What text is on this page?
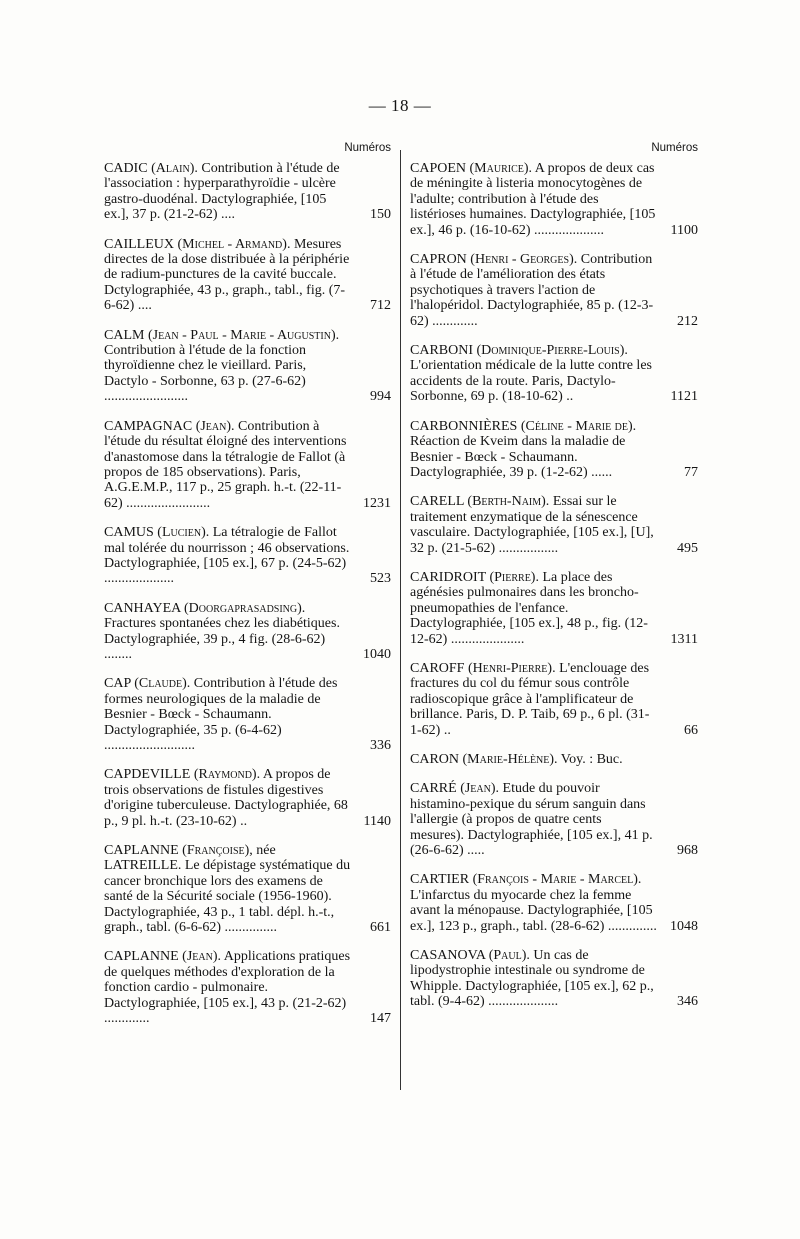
— 18 —
Numéros
CADIC (Alain). Contribution à l'étude de l'association : hyperparathyroïdie - ulcère gastro-duodénal. Dactylographiée, [105 ex.], 37 p. (21-2-62) ....	150
CAILLEUX (Michel - Armand). Mesures directes de la dose distribuée à la périphérie de radium-punctures de la cavité buccale. Dctylographiée, 43 p., graph., tabl., fig. (7-6-62) ....	712
CALM (Jean - Paul - Marie - Augustin). Contribution à l'étude de la fonction thyroïdienne chez le vieillard. Paris, Dactylo - Sorbonne, 63 p. (27-6-62) ........................	994
CAMPAGNAC (Jean). Contribution à l'étude du résultat éloigné des interventions d'anastomose dans la tétralogie de Fallot (à propos de 185 observations). Paris, A.G.E.M.P., 117 p., 25 graph. h.-t. (22-11-62) ........................	1231
CAMUS (Lucien). La tétralogie de Fallot mal tolérée du nourrisson ; 46 observations. Dactylographiée, [105 ex.], 67 p. (24-5-62) ....................	523
CANHAYEA (Doorgaprasadsing). Fractures spontanées chez les diabétiques. Dactylographiée, 39 p., 4 fig. (28-6-62) ........	1040
CAP (Claude). Contribution à l'étude des formes neurologiques de la maladie de Besnier - Bœck - Schaumann. Dactylographiée, 35 p. (6-4-62) ..........................	336
CAPDEVILLE (Raymond). A propos de trois observations de fistules digestives d'origine tuberculeuse. Dactylographiée, 68 p., 9 pl. h.-t. (23-10-62) ..	1140
CAPLANNE (Françoise), née LATREILLE. Le dépistage systématique du cancer bronchique lors des examens de santé de la Sécurité sociale (1956-1960). Dactylographiée, 43 p., 1 tabl. dépl. h.-t., graph., tabl. (6-6-62) ...............	661
CAPLANNE (Jean). Applications pratiques de quelques méthodes d'exploration de la fonction cardio - pulmonaire. Dactylographiée, [105 ex.], 43 p. (21-2-62) .............	147
Numéros
CAPOEN (Maurice). A propos de deux cas de méningite à listeria monocytogènes de l'adulte; contribution à l'étude des listérioses humaines. Dactylographiée, [105 ex.], 46 p. (16-10-62) ....................	1100
CAPRON (Henri - Georges). Contribution à l'étude de l'amélioration des états psychotiques à travers l'action de l'halopéridol. Dactylographiée, 85 p. (12-3-62) .............	212
CARBONI (Dominique-Pierre-Louis). L'orientation médicale de la lutte contre les accidents de la route. Paris, Dactylo-Sorbonne, 69 p. (18-10-62) ..	1121
CARBONNIÈRES (Céline - Marie de). Réaction de Kveim dans la maladie de Besnier - Bœck - Schaumann. Dactylographiée, 39 p. (1-2-62) ......	77
CARELL (Berth-Naim). Essai sur le traitement enzymatique de la sénescence vasculaire. Dactylographiée, [105 ex.], [U], 32 p. (21-5-62) .................	495
CARIDROIT (Pierre). La place des agénésies pulmonaires dans les broncho-pneumopathies de l'enfance. Dactylographiée, [105 ex.], 48 p., fig. (12-12-62) .....................	1311
CAROFF (Henri-Pierre). L'enclouage des fractures du col du fémur sous contrôle radioscopique grâce à l'amplificateur de brillance. Paris, D. P. Taib, 69 p., 6 pl. (31-1-62) ..	66
CARON (Marie-Hélène). Voy. : Buc.
CARRÉ (Jean). Etude du pouvoir histamino-pexique du sérum sanguin dans l'allergie (à propos de quatre cents mesures). Dactylographiée, [105 ex.], 41 p. (26-6-62) .....	968
CARTIER (François - Marie - Marcel). L'infarctus du myocarde chez la femme avant la ménopause. Dactylographiée, [105 ex.], 123 p., graph., tabl. (28-6-62) .............. 1048
CASANOVA (Paul). Un cas de lipodystrophie intestinale ou syndrome de Whipple. Dactylographiée, [105 ex.], 62 p., tabl. (9-4-62) ....................	346
